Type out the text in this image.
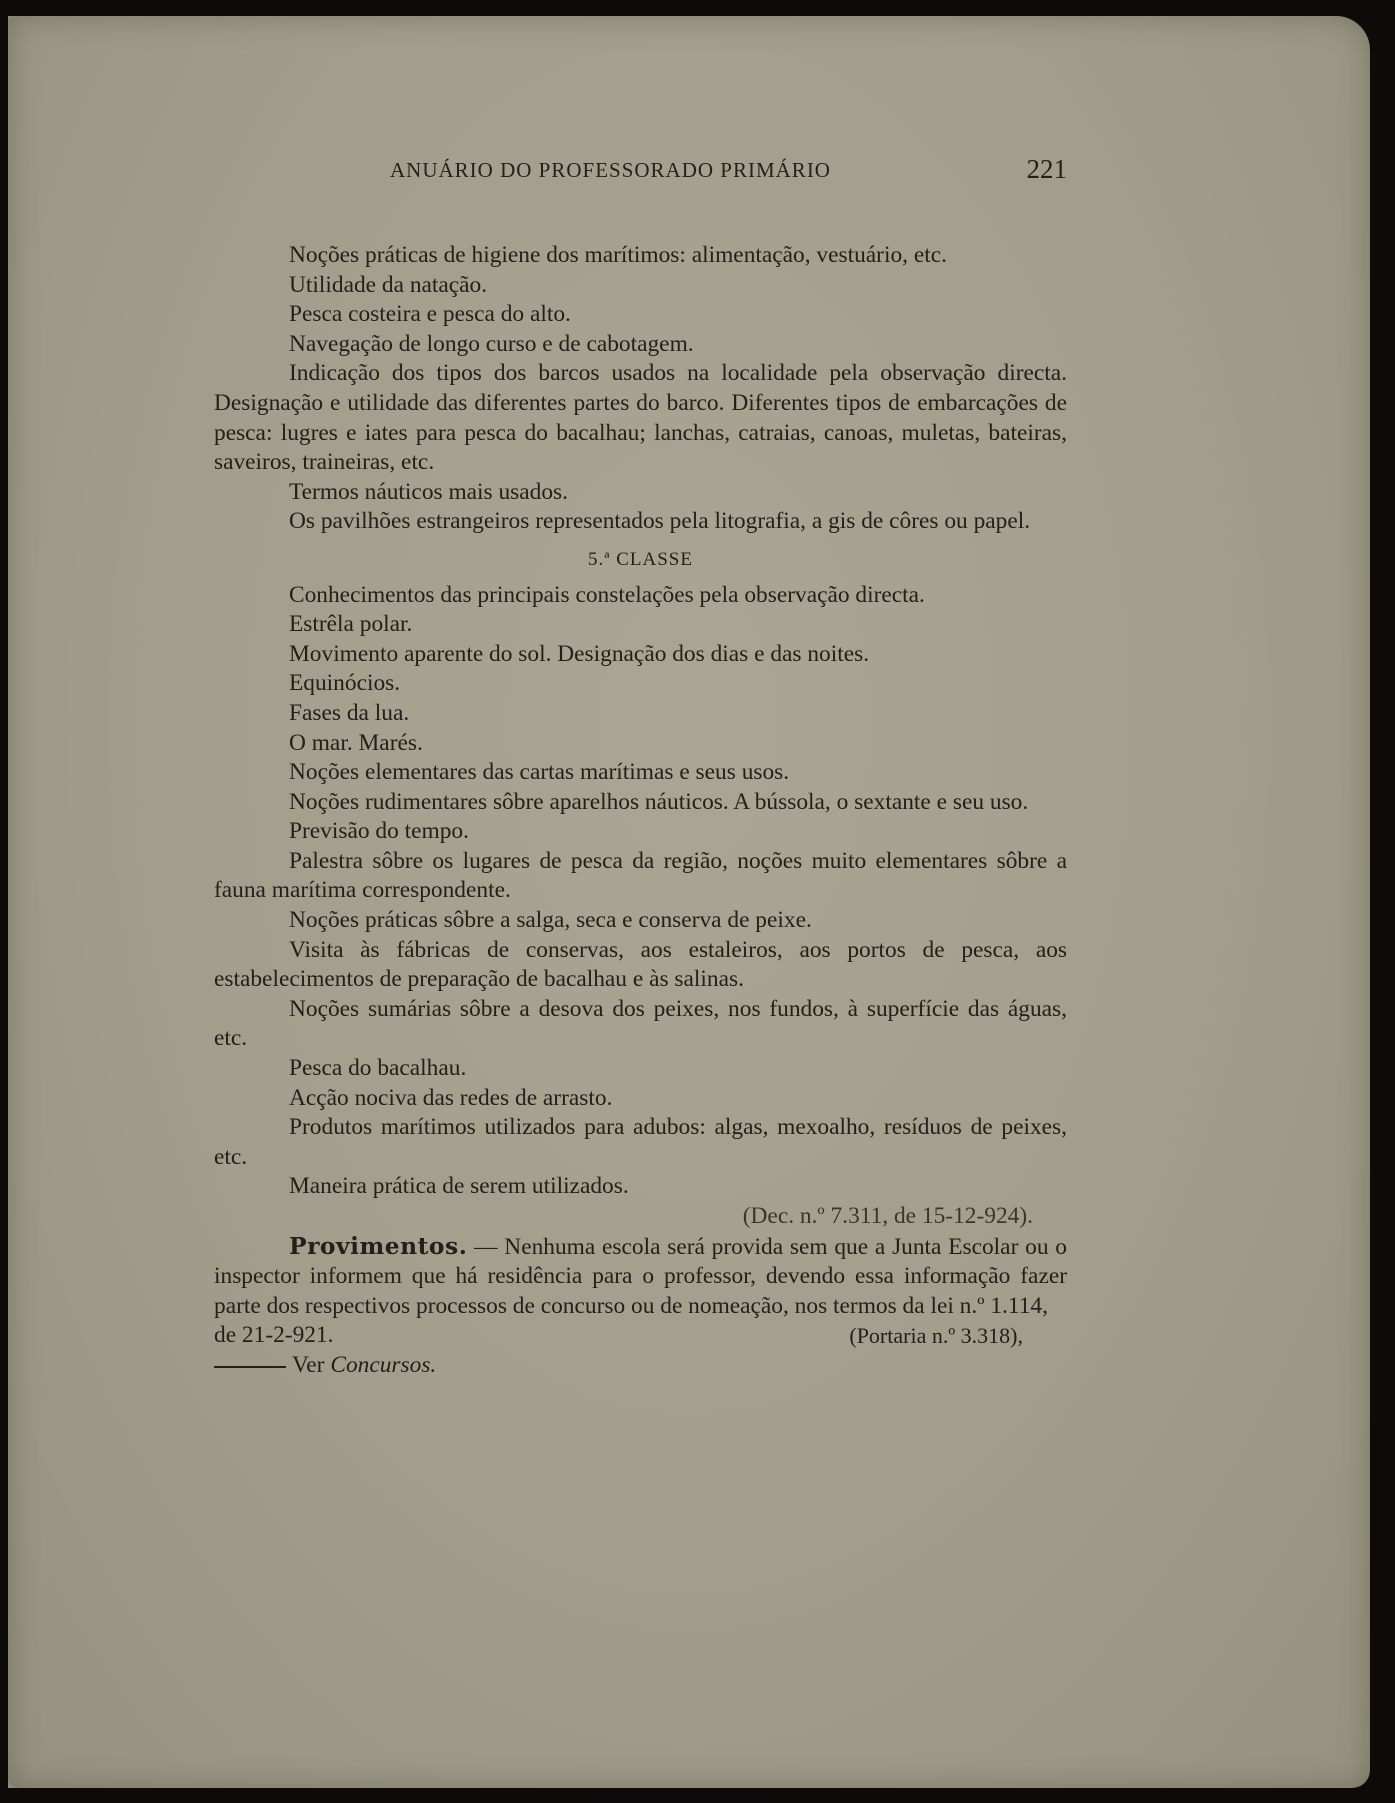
ANUÁRIO DO PROFESSORADO PRIMÁRIO	221

Noções práticas de higiene dos marítimos: alimentação, vestuário, etc.

Utilidade da natação.

Pesca costeira e pesca do alto.

Navegação de longo curso e de cabotagem.

Indicação dos tipos dos barcos usados na localidade pela observação directa. Designação e utilidade das diferentes partes do barco. Diferentes tipos de embarcações de pesca: lugres e iates para pesca do bacalhau; lanchas, catraias, canoas, muletas, bateiras, saveiros, traineiras, etc.

Termos náuticos mais usados.

Os pavilhões estrangeiros representados pela litografia, a gis de côres ou papel.

5.ª CLASSE

Conhecimentos das principais constelações pela observação directa.

Estrêla polar.

Movimento aparente do sol. Designação dos dias e das noites.

Equinócios.

Fases da lua.

O mar. Marés.

Noções elementares das cartas marítimas e seus usos.

Noções rudimentares sôbre aparelhos náuticos. A bússola, o sextante e seu uso.

Previsão do tempo.

Palestra sôbre os lugares de pesca da região, noções muito elementares sôbre a fauna marítima correspondente.

Noções práticas sôbre a salga, seca e conserva de peixe.

Visita às fábricas de conservas, aos estaleiros, aos portos de pesca, aos estabelecimentos de preparação de bacalhau e às salinas.

Noções sumárias sôbre a desova dos peixes, nos fundos, à superfície das águas, etc.

Pesca do bacalhau.

Acção nociva das redes de arrasto.

Produtos marítimos utilizados para adubos: algas, mexoalho, resíduos de peixes, etc.

Maneira prática de serem utilizados.

(Dec. n.º 7.311, de 15-12-924).

Provimentos. — Nenhuma escola será provida sem que a Junta Escolar ou o inspector informem que há residência para o professor, devendo essa informação fazer parte dos respectivos processos de concurso ou de nomeação, nos termos da lei n.º 1.114,

de 21-2-921.	(Portaria n.º 3.318),

Ver Concursos.
